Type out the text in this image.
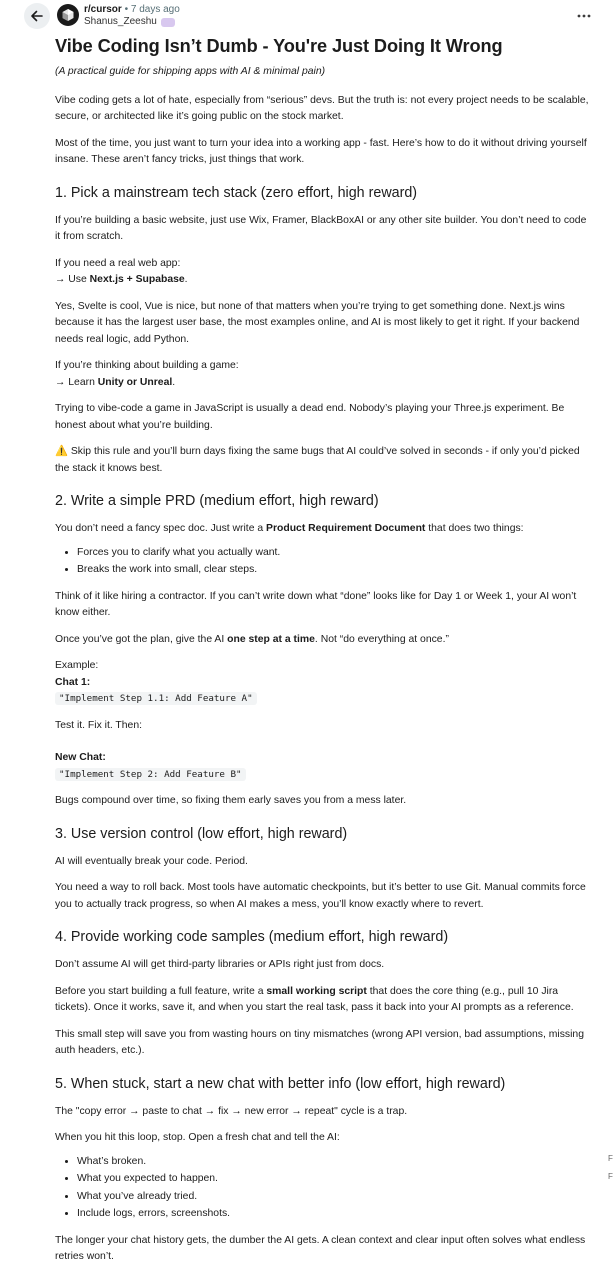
r/cursor • 7 days ago
Shanus_Zeeshu
Vibe Coding Isn’t Dumb - You're Just Doing It Wrong

(A practical guide for shipping apps with AI & minimal pain)

Vibe coding gets a lot of hate, especially from “serious” devs. But the truth is: not every project needs to be scalable, secure, or architected like it’s going public on the stock market.

Most of the time, you just want to turn your idea into a working app - fast. Here’s how to do it without driving yourself insane. These aren’t fancy tricks, just things that work.

1. Pick a mainstream tech stack (zero effort, high reward)

If you’re building a basic website, just use Wix, Framer, BlackBoxAI or any other site builder. You don’t need to code it from scratch.

If you need a real web app:

→ Use Next.js + Supabase.

Yes, Svelte is cool, Vue is nice, but none of that matters when you’re trying to get something done. Next.js wins because it has the largest user base, the most examples online, and AI is most likely to get it right. If your backend needs real logic, add Python.

If you’re thinking about building a game:

→ Learn Unity or Unreal.

Trying to vibe-code a game in JavaScript is usually a dead end. Nobody’s playing your Three.js experiment. Be honest about what you’re building.

⚠️ Skip this rule and you’ll burn days fixing the same bugs that AI could’ve solved in seconds - if only you’d picked the stack it knows best.

2. Write a simple PRD (medium effort, high reward)

You don’t need a fancy spec doc. Just write a Product Requirement Document that does two things:

• Forces you to clarify what you actually want.
• Breaks the work into small, clear steps.

Think of it like hiring a contractor. If you can’t write down what “done” looks like for Day 1 or Week 1, your AI won’t know either.

Once you’ve got the plan, give the AI one step at a time. Not “do everything at once.”

Example:

Chat 1:

"Implement Step 1.1: Add Feature A"

Test it. Fix it. Then:

New Chat:

"Implement Step 2: Add Feature B"

Bugs compound over time, so fixing them early saves you from a mess later.

3. Use version control (low effort, high reward)

AI will eventually break your code. Period.

You need a way to roll back. Most tools have automatic checkpoints, but it’s better to use Git. Manual commits force you to actually track progress, so when AI makes a mess, you’ll know exactly where to revert.

4. Provide working code samples (medium effort, high reward)

Don’t assume AI will get third-party libraries or APIs right just from docs.

Before you start building a full feature, write a small working script that does the core thing (e.g., pull 10 Jira tickets). Once it works, save it, and when you start the real task, pass it back into your AI prompts as a reference.

This small step will save you from wasting hours on tiny mismatches (wrong API version, bad assumptions, missing auth headers, etc.).

5. When stuck, start a new chat with better info (low effort, high reward)

The "copy error → paste to chat → fix → new error → repeat" cycle is a trap.

When you hit this loop, stop. Open a fresh chat and tell the AI:

• What’s broken.
• What you expected to happen.
• What you’ve already tried.
• Include logs, errors, screenshots.

The longer your chat history gets, the dumber the AI gets. A clean context and clear input often solves what endless retries won’t.

F
F
